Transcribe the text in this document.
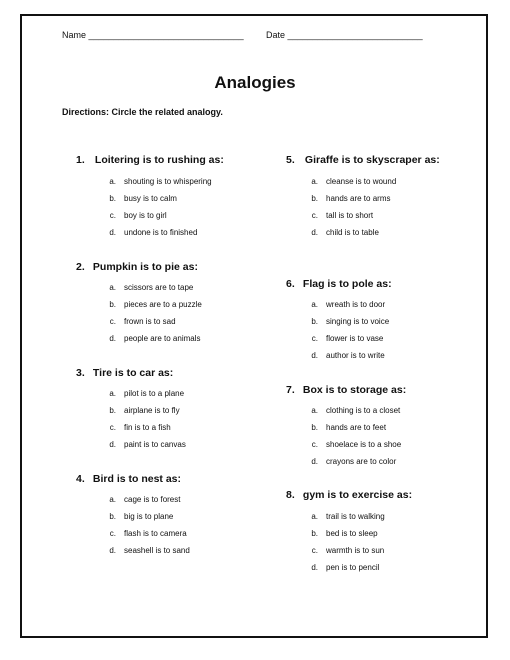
Name _______________________________ Date ___________________________
Analogies
Directions: Circle the related analogy.
1. Loitering is to rushing as:
a. shouting is to whispering
b. busy is to calm
c. boy is to girl
d. undone is to finished
2. Pumpkin is to pie as:
a. scissors are to tape
b. pieces are to a puzzle
c. frown is to sad
d. people are to animals
3. Tire is to car as:
a. pilot is to a plane
b. airplane is to fly
c. fin is to a fish
d. paint is to canvas
4. Bird is to nest as:
a. cage is to forest
b. big is to plane
c. flash is to camera
d. seashell is to sand
5. Giraffe is to skyscraper as:
a. cleanse is to wound
b. hands are to arms
c. tall is to short
d. child is to table
6. Flag is to pole as:
a. wreath is to door
b. singing is to voice
c. flower is to vase
d. author is to write
7. Box is to storage as:
a. clothing is to a closet
b. hands are to feet
c. shoelace is to a shoe
d. crayons are to color
8. gym is to exercise as:
a. trail is to walking
b. bed is to sleep
c. warmth is to sun
d. pen is to pencil
